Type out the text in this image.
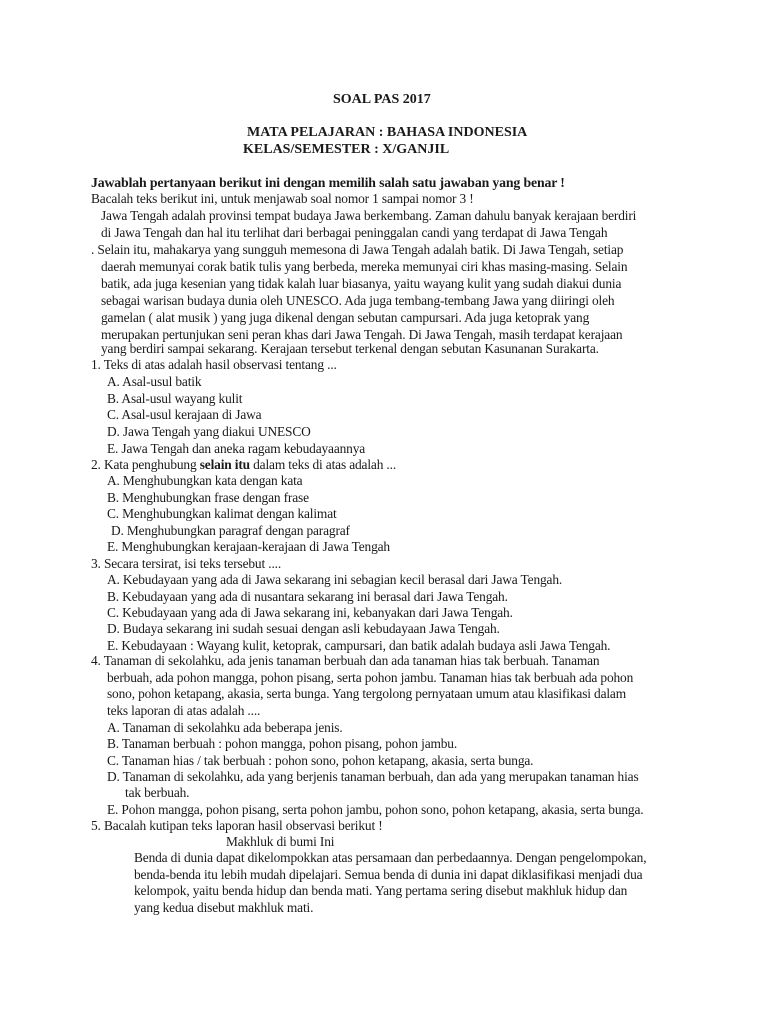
SOAL PAS 2017
MATA PELAJARAN : BAHASA INDONESIA
KELAS/SEMESTER : X/GANJIL
Jawablah pertanyaan berikut ini dengan memilih salah satu jawaban yang benar !
Bacalah teks berikut ini, untuk menjawab soal nomor 1 sampai nomor 3 !
Jawa Tengah adalah provinsi tempat budaya Jawa berkembang. Zaman dahulu banyak kerajaan berdiri
di Jawa Tengah dan hal itu terlihat dari berbagai peninggalan candi yang terdapat di Jawa Tengah
. Selain itu, mahakarya yang sungguh memesona di Jawa Tengah adalah batik. Di Jawa Tengah, setiap
daerah memunyai corak batik tulis yang berbeda, mereka memunyai ciri khas masing-masing. Selain
batik, ada juga kesenian yang tidak kalah luar biasanya, yaitu wayang kulit yang sudah diakui dunia
sebagai warisan budaya dunia oleh UNESCO. Ada juga tembang-tembang Jawa yang diiringi oleh
gamelan ( alat musik ) yang juga dikenal dengan sebutan campursari. Ada juga ketoprak yang
merupakan pertunjukan seni peran khas dari Jawa Tengah. Di Jawa Tengah, masih terdapat kerajaan
yang berdiri sampai sekarang. Kerajaan tersebut terkenal dengan sebutan Kasunanan Surakarta.
1. Teks di atas adalah hasil observasi tentang ...
A. Asal-usul batik
B. Asal-usul wayang kulit
C. Asal-usul kerajaan di Jawa
D. Jawa Tengah yang diakui UNESCO
E. Jawa Tengah dan aneka ragam kebudayaannya
2. Kata penghubung selain itu dalam teks di atas adalah ...
A. Menghubungkan kata dengan kata
B. Menghubungkan frase dengan frase
C. Menghubungkan kalimat dengan kalimat
D. Menghubungkan paragraf dengan paragraf
E. Menghubungkan kerajaan-kerajaan di Jawa Tengah
3. Secara tersirat, isi teks tersebut ....
A. Kebudayaan yang ada di Jawa sekarang ini sebagian kecil berasal dari Jawa Tengah.
B. Kebudayaan yang ada di nusantara sekarang ini berasal dari Jawa Tengah.
C. Kebudayaan yang ada di Jawa sekarang ini, kebanyakan dari Jawa Tengah.
D. Budaya sekarang ini sudah sesuai dengan asli kebudayaan Jawa Tengah.
E. Kebudayaan : Wayang kulit, ketoprak, campursari, dan batik adalah budaya asli Jawa Tengah.
4. Tanaman di sekolahku, ada jenis tanaman berbuah dan ada tanaman hias tak berbuah. Tanaman
berbuah, ada pohon mangga, pohon pisang, serta pohon jambu. Tanaman hias tak berbuah ada pohon
sono, pohon ketapang, akasia, serta bunga. Yang tergolong pernyataan umum atau klasifikasi dalam
teks laporan di atas adalah ....
A. Tanaman di sekolahku ada beberapa jenis.
B. Tanaman berbuah : pohon mangga, pohon pisang, pohon jambu.
C. Tanaman hias / tak berbuah : pohon sono, pohon ketapang, akasia, serta bunga.
D. Tanaman di sekolahku, ada yang berjenis tanaman berbuah, dan ada yang merupakan tanaman hias
tak berbuah.
E. Pohon mangga, pohon pisang, serta pohon jambu, pohon sono, pohon ketapang, akasia, serta bunga.
5. Bacalah kutipan teks laporan hasil observasi berikut !
Makhluk di bumi Ini
Benda di dunia dapat dikelompokkan atas persamaan dan perbedaannya. Dengan pengelompokan,
benda-benda itu lebih mudah dipelajari. Semua benda di dunia ini dapat diklasifikasi menjadi dua
kelompok, yaitu benda hidup dan benda mati. Yang pertama sering disebut makhluk hidup dan
yang kedua disebut makhluk mati.
